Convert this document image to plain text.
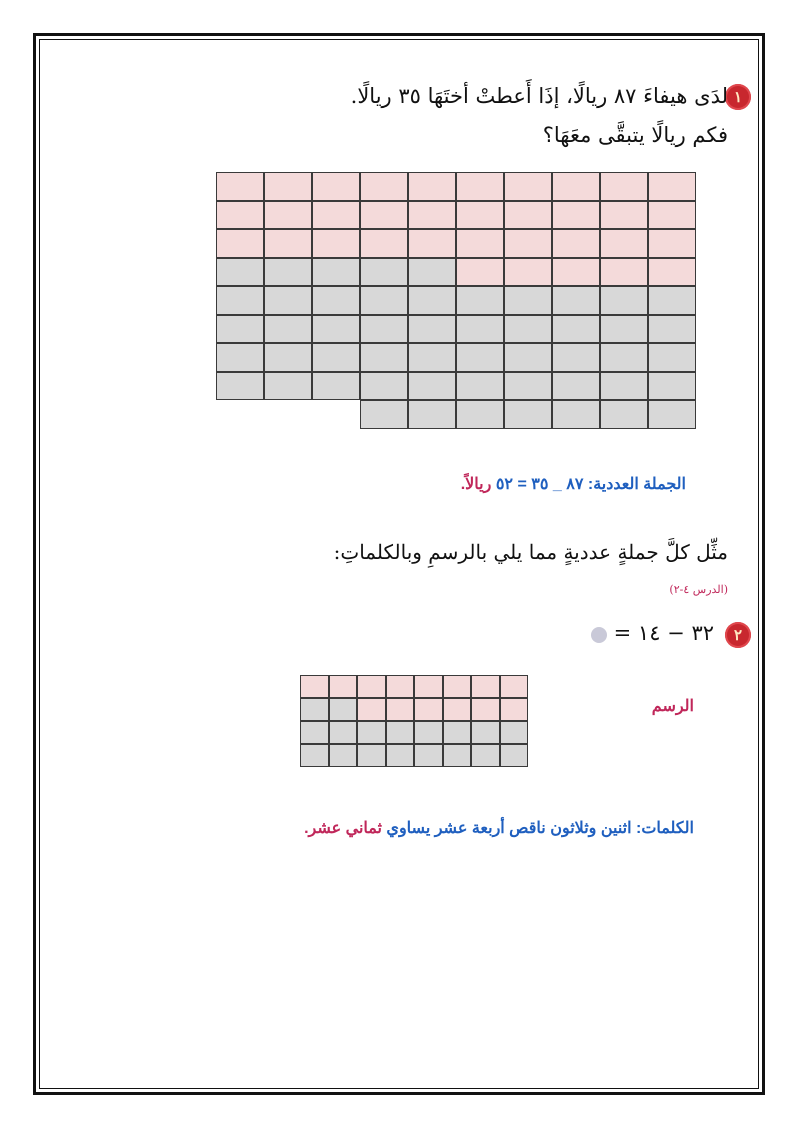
١
لدَى هيفاءَ ٨٧ ريالًا، إذَا أَعطتْ أختَهَا ٣٥ ريالًا.
فكم ريالًا يتبقَّى معَهَا؟
الجملة العددية: ٨٧ _ ٣٥ = ٥٢ ريالاً.
مثِّل كلَّ جملةٍ عدديةٍ مما يلي بالرسمِ وبالكلماتِ:
(الدرس ٤-٢)
٢
٣٢ − ١٤ =
الرسم
الكلمات: اثنين وثلاثون ناقص أربعة عشر يساوي ثماني عشر.
